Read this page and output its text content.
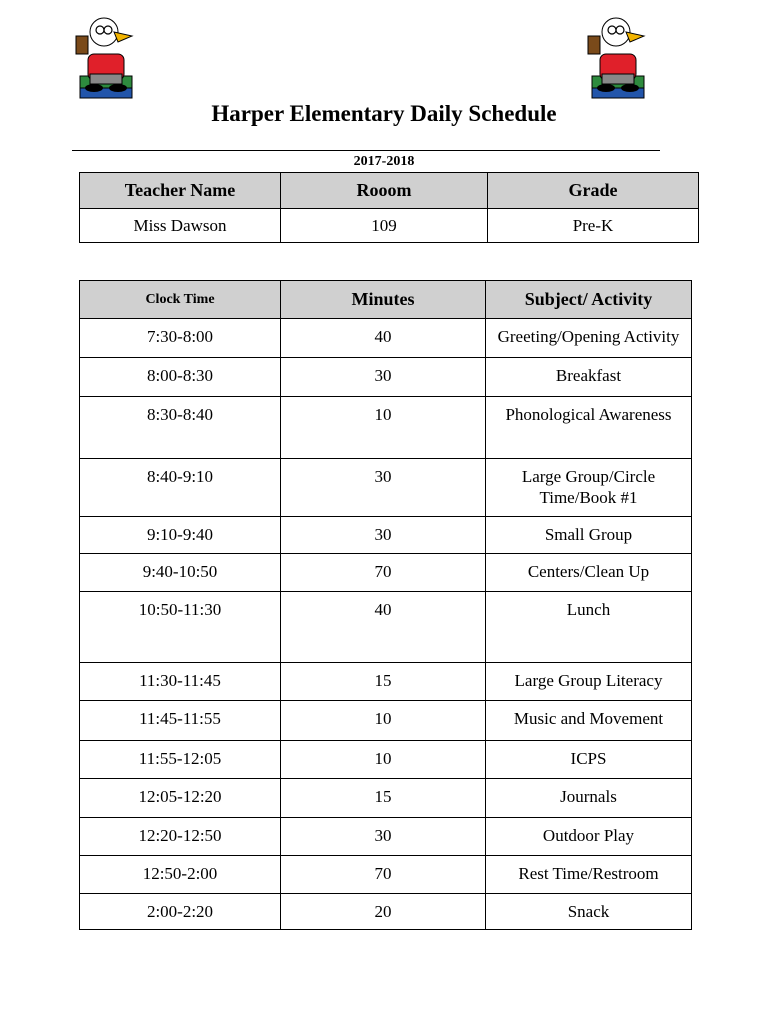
Harper Elementary Daily Schedule
2017-2018
Teacher Name	Rooom	Grade
Miss Dawson	109	Pre-K
Clock Time	Minutes	Subject/ Activity
7:30-8:00	40	Greeting/Opening Activity
8:00-8:30	30	Breakfast
8:30-8:40	10	Phonological Awareness
8:40-9:10	30	Large Group/Circle Time/Book #1
9:10-9:40	30	Small Group
9:40-10:50	70	Centers/Clean Up
10:50-11:30	40	Lunch
11:30-11:45	15	Large Group Literacy
11:45-11:55	10	Music and Movement
11:55-12:05	10	ICPS
12:05-12:20	15	Journals
12:20-12:50	30	Outdoor Play
12:50-2:00	70	Rest Time/Restroom
2:00-2:20	20	Snack
